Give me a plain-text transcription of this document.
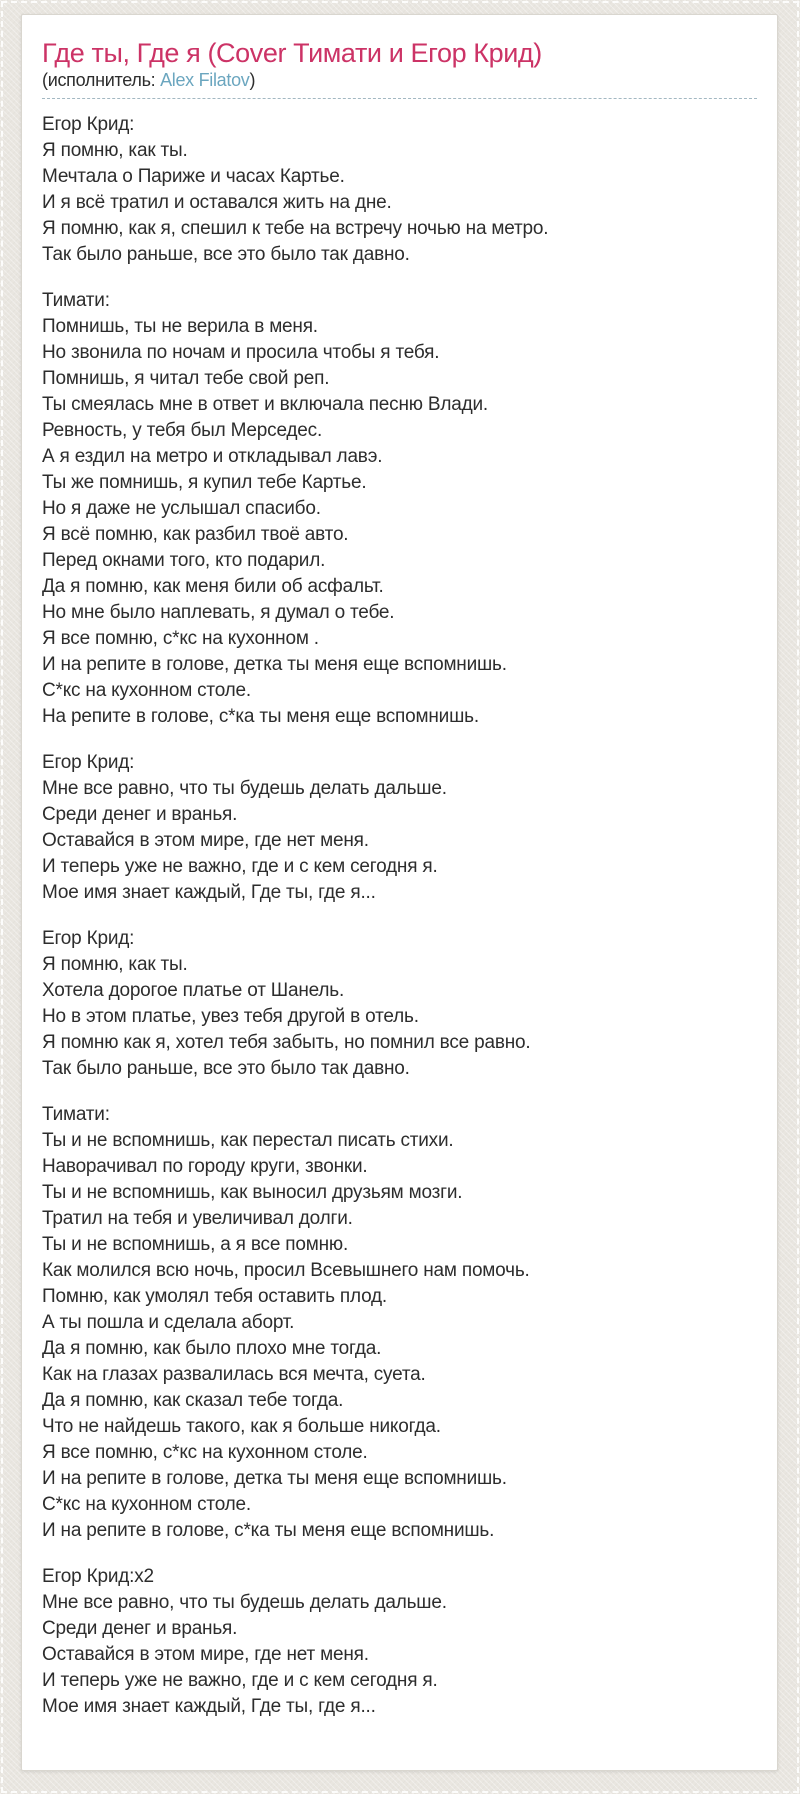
Где ты, Где я (Cover Тимати и Егор Крид)
(исполнитель: Alex Filatov)

Егор Крид:
Я помню, как ты.
Мечтала о Париже и часах Картье.
И я всё тратил и оставался жить на дне.
Я помню, как я, спешил к тебе на встречу ночью на метро.
Так было раньше, все это было так давно.

Тимати:
Помнишь, ты не верила в меня.
Но звонила по ночам и просила чтобы я тебя.
Помнишь, я читал тебе свой реп.
Ты смеялась мне в ответ и включала песню Влади.
Ревность, у тебя был Мерседес.
А я ездил на метро и откладывал лавэ.
Ты же помнишь, я купил тебе Картье.
Но я даже не услышал спасибо.
Я всё помню, как разбил твоё авто.
Перед окнами того, кто подарил.
Да я помню, как меня били об асфальт.
Но мне было наплевать, я думал о тебе.
Я все помню, с*кс на кухонном .
И на репите в голове, детка ты меня еще вспомнишь.
С*кс на кухонном столе.
На репите в голове, с*ка ты меня еще вспомнишь.

Егор Крид:
Мне все равно, что ты будешь делать дальше.
Среди денег и вранья.
Оставайся в этом мире, где нет меня.
И теперь уже не важно, где и с кем сегодня я.
Мое имя знает каждый, Где ты, где я...

Егор Крид:
Я помню, как ты.
Хотела дорогое платье от Шанель.
Но в этом платье, увез тебя другой в отель.
Я помню как я, хотел тебя забыть, но помнил все равно.
Так было раньше, все это было так давно.

Тимати:
Ты и не вспомнишь, как перестал писать стихи.
Наворачивал по городу круги, звонки.
Ты и не вспомнишь, как выносил друзьям мозги.
Тратил на тебя и увеличивал долги.
Ты и не вспомнишь, а я все помню.
Как молился всю ночь, просил Всевышнего нам помочь.
Помню, как умолял тебя оставить плод.
А ты пошла и сделала аборт.
Да я помню, как было плохо мне тогда.
Как на глазах развалилась вся мечта, суета.
Да я помню, как сказал тебе тогда.
Что не найдешь такого, как я больше никогда.
Я все помню, с*кс на кухонном столе.
И на репите в голове, детка ты меня еще вспомнишь.
С*кс на кухонном столе.
И на репите в голове, с*ка ты меня еще вспомнишь.

Егор Крид:х2
Мне все равно, что ты будешь делать дальше.
Среди денег и вранья.
Оставайся в этом мире, где нет меня.
И теперь уже не важно, где и с кем сегодня я.
Мое имя знает каждый, Где ты, где я...
